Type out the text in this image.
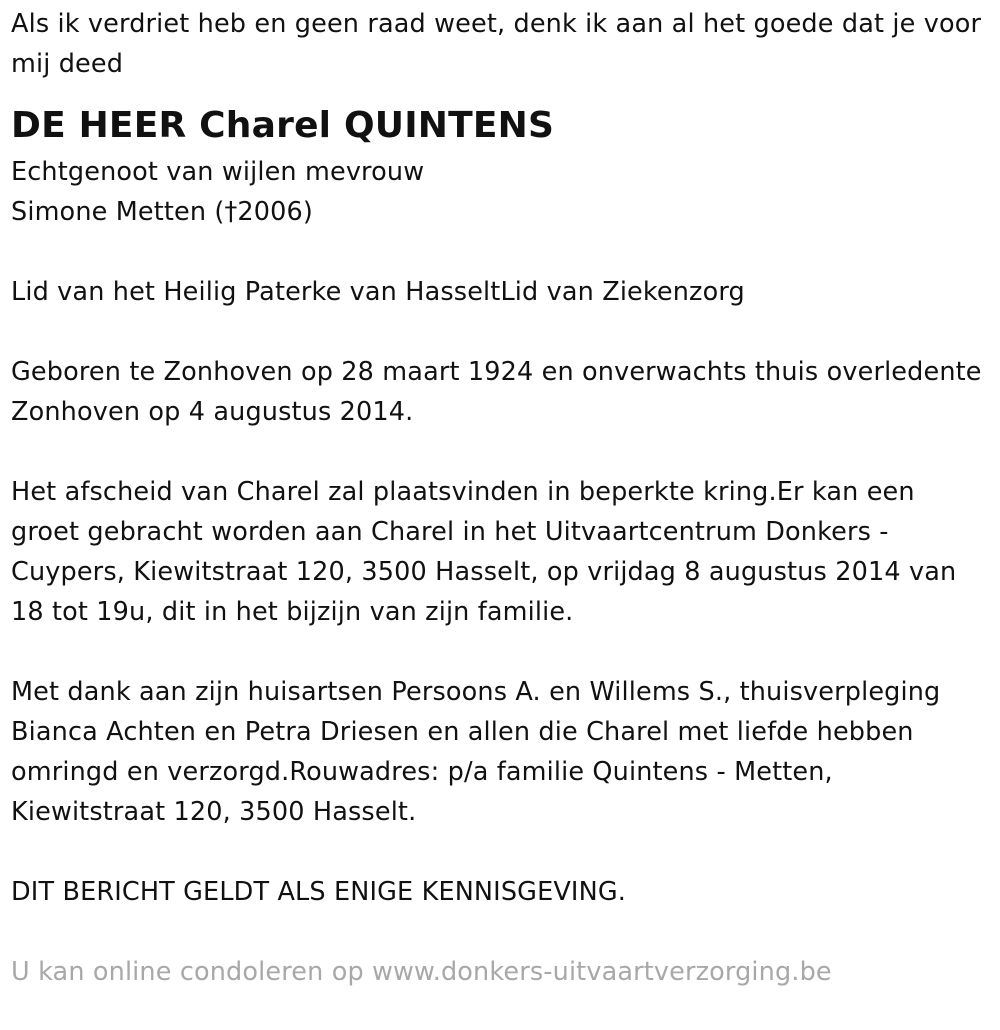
Als ik verdriet heb en geen raad weet, denk ik aan al het goede dat je voor mij deed

DE HEER Charel QUINTENS

Echtgenoot van wijlen mevrouw

Simone Metten (†2006)

Lid van het Heilig Paterke van HasseltLid van Ziekenzorg

Geboren te Zonhoven op 28 maart 1924 en onverwachts thuis overledente Zonhoven op 4 augustus 2014.

Het afscheid van Charel zal plaatsvinden in beperkte kring.Er kan een groet gebracht worden aan Charel in het Uitvaartcentrum Donkers - Cuypers, Kiewitstraat 120, 3500 Hasselt, op vrijdag 8 augustus 2014 van 18 tot 19u, dit in het bijzijn van zijn familie.

Met dank aan zijn huisartsen Persoons A. en Willems S., thuisverpleging Bianca Achten en Petra Driesen en allen die Charel met liefde hebben omringd en verzorgd.Rouwadres: p/a familie Quintens - Metten, Kiewitstraat 120, 3500 Hasselt.

DIT BERICHT GELDT ALS ENIGE KENNISGEVING.

U kan online condoleren op www.donkers-uitvaartverzorging.be
